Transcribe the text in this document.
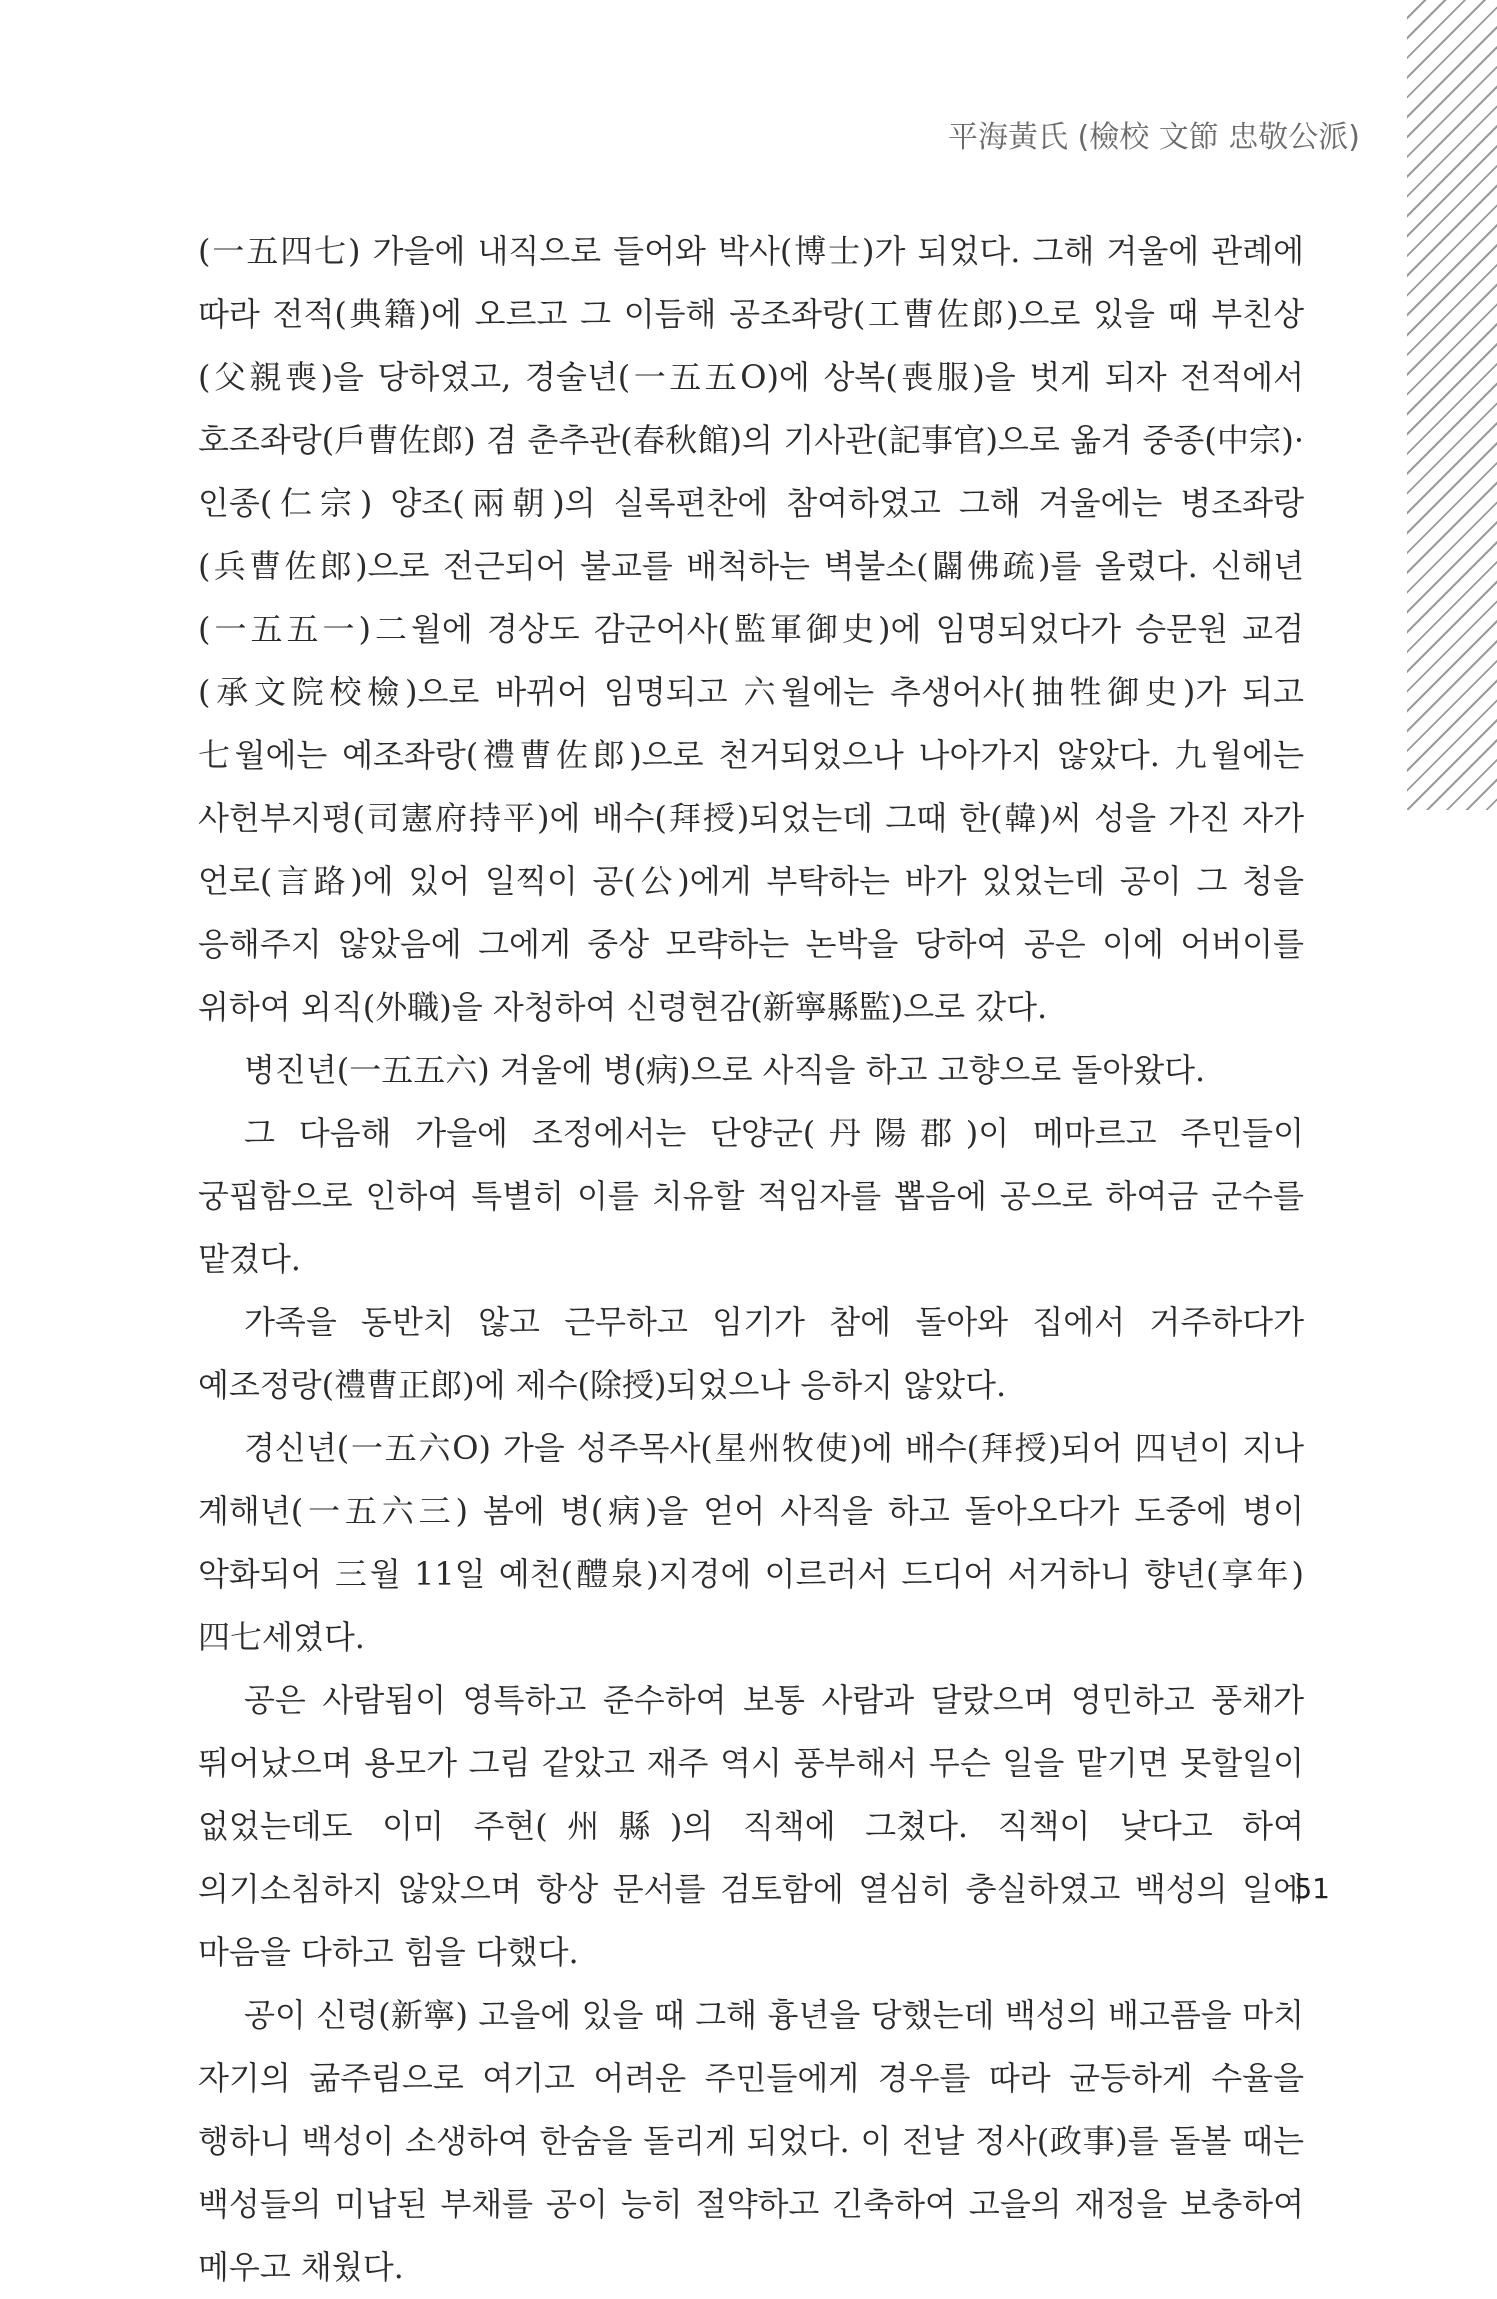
平海黃氏 (檢校 文節 忠敬公派)

(一五四七) 가을에 내직으로 들어와 박사(博士)가 되었다. 그해 겨울에 관례에 따라 전적(典籍)에 오르고 그 이듬해 공조좌랑(工曹佐郎)으로 있을 때 부친상(父親喪)을 당하였고, 경술년(一五五O)에 상복(喪服)을 벗게 되자 전적에서 호조좌랑(戶曹佐郎) 겸 춘추관(春秋館)의 기사관(記事官)으로 옮겨 중종(中宗)·인종(仁宗) 양조(兩朝)의 실록편찬에 참여하였고 그해 겨울에는 병조좌랑(兵曹佐郎)으로 전근되어 불교를 배척하는 벽불소(闢佛疏)를 올렸다. 신해년(一五五一)二월에 경상도 감군어사(監軍御史)에 임명되었다가 승문원 교검(承文院校檢)으로 바뀌어 임명되고 六월에는 추생어사(抽牲御史)가 되고 七월에는 예조좌랑(禮曹佐郎)으로 천거되었으나 나아가지 않았다. 九월에는 사헌부지평(司憲府持平)에 배수(拜授)되었는데 그때 한(韓)씨 성을 가진 자가 언로(言路)에 있어 일찍이 공(公)에게 부탁하는 바가 있었는데 공이 그 청을 응해주지 않았음에 그에게 중상 모략하는 논박을 당하여 공은 이에 어버이를 위하여 외직(外職)을 자청하여 신령현감(新寧縣監)으로 갔다.

병진년(一五五六) 겨울에 병(病)으로 사직을 하고 고향으로 돌아왔다.

그 다음해 가을에 조정에서는 단양군(丹陽郡)이 메마르고 주민들이 궁핍함으로 인하여 특별히 이를 치유할 적임자를 뽑음에 공으로 하여금 군수를 맡겼다.

가족을 동반치 않고 근무하고 임기가 참에 돌아와 집에서 거주하다가 예조정랑(禮曹正郎)에 제수(除授)되었으나 응하지 않았다.

경신년(一五六O) 가을 성주목사(星州牧使)에 배수(拜授)되어 四년이 지나 계해년(一五六三) 봄에 병(病)을 얻어 사직을 하고 돌아오다가 도중에 병이 악화되어 三월 11일 예천(醴泉)지경에 이르러서 드디어 서거하니 향년(享年) 四七세였다.

공은 사람됨이 영특하고 준수하여 보통 사람과 달랐으며 영민하고 풍채가 뛰어났으며 용모가 그림 같았고 재주 역시 풍부해서 무슨 일을 맡기면 못할일이 없었는데도 이미 주현(州縣)의 직책에 그쳤다. 직책이 낮다고 하여 의기소침하지 않았으며 항상 문서를 검토함에 열심히 충실하였고 백성의 일에 마음을 다하고 힘을 다했다.

공이 신령(新寧) 고을에 있을 때 그해 흉년을 당했는데 백성의 배고픔을 마치 자기의 굶주림으로 여기고 어려운 주민들에게 경우를 따라 균등하게 수율을 행하니 백성이 소생하여 한숨을 돌리게 되었다. 이 전날 정사(政事)를 돌볼 때는 백성들의 미납된 부채를 공이 능히 절약하고 긴축하여 고을의 재정을 보충하여 메우고 채웠다.

51
